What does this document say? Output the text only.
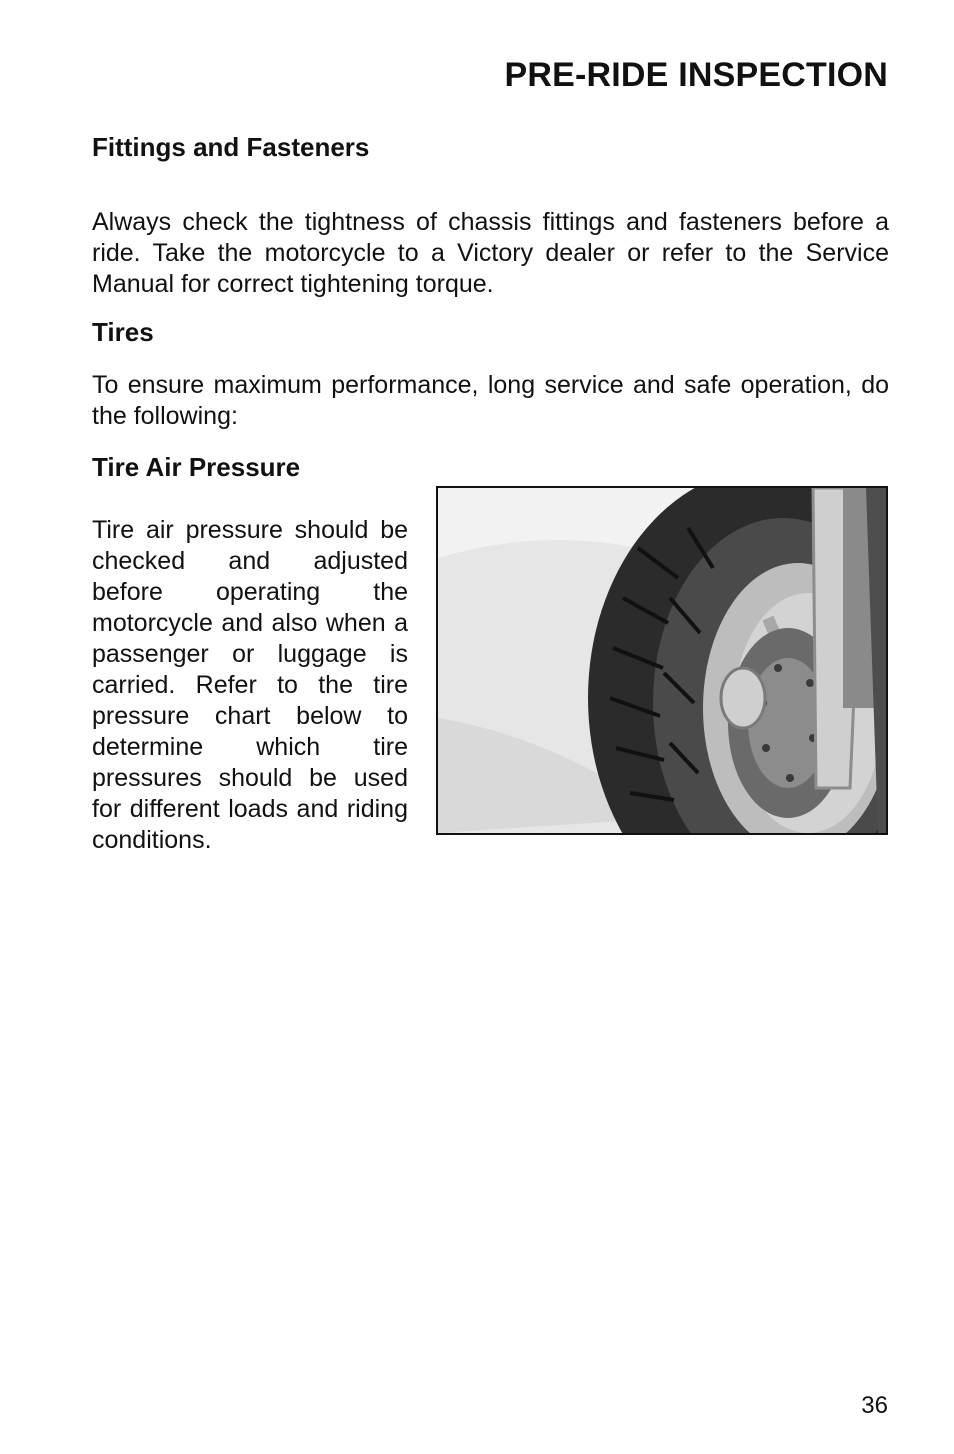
PRE-RIDE INSPECTION
Fittings and Fasteners

Always check the tightness of chassis fittings and fasteners before a ride. Take the motorcycle to a Victory dealer or refer to the Service Manual for correct tightening torque.

Tires

To ensure maximum performance, long service and safe operation, do the following:

Tire Air Pressure

Tire air pressure should be checked and adjusted before operating the motorcycle and also when a passenger or luggage is carried. Refer to the tire pressure chart below to determine which tire pressures should be used for different loads and riding conditions.

36
